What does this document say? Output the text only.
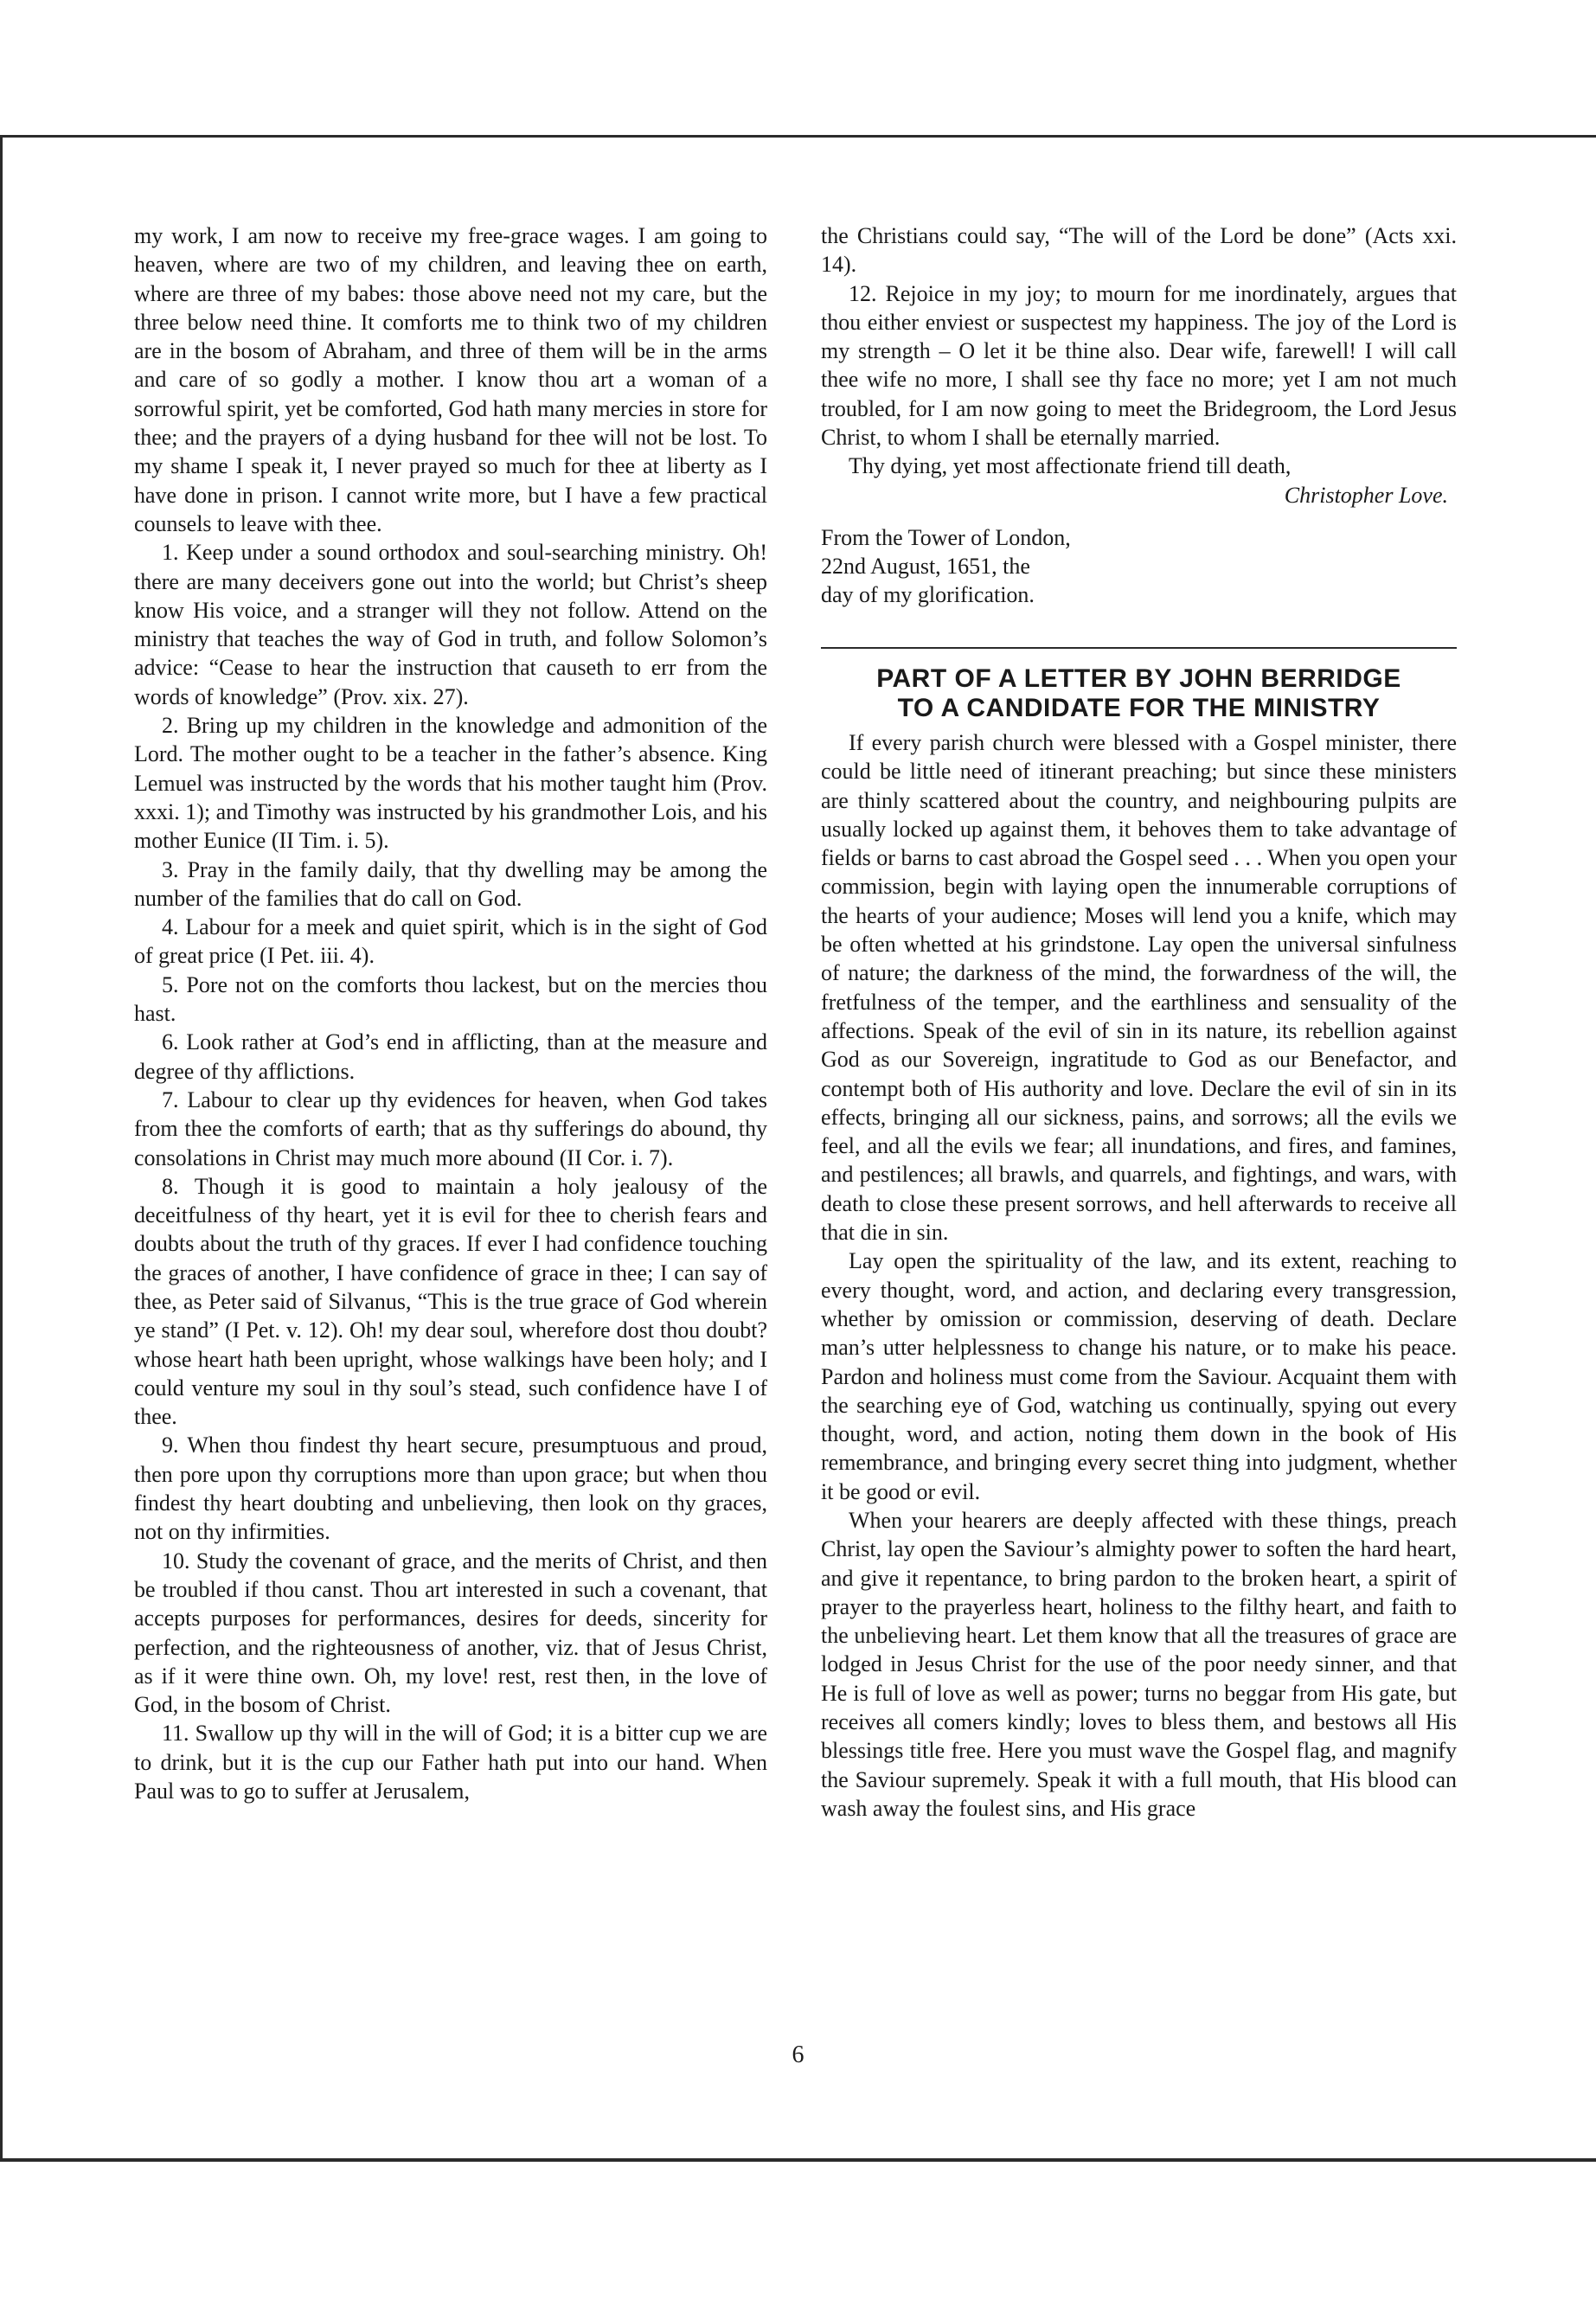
my work, I am now to receive my free-grace wages. I am going to heaven, where are two of my children, and leaving thee on earth, where are three of my babes: those above need not my care, but the three below need thine. It comforts me to think two of my children are in the bosom of Abraham, and three of them will be in the arms and care of so godly a mother. I know thou art a woman of a sorrowful spirit, yet be comforted, God hath many mercies in store for thee; and the prayers of a dying husband for thee will not be lost. To my shame I speak it, I never prayed so much for thee at liberty as I have done in prison. I cannot write more, but I have a few practical counsels to leave with thee.

1. Keep under a sound orthodox and soul-searching ministry. Oh! there are many deceivers gone out into the world; but Christ’s sheep know His voice, and a stranger will they not follow. Attend on the ministry that teaches the way of God in truth, and follow Solomon’s advice: “Cease to hear the instruction that causeth to err from the words of knowledge” (Prov. xix. 27).

2. Bring up my children in the knowledge and admonition of the Lord. The mother ought to be a teacher in the father’s absence. King Lemuel was instructed by the words that his mother taught him (Prov. xxxi. 1); and Timothy was instructed by his grandmother Lois, and his mother Eunice (II Tim. i. 5).

3. Pray in the family daily, that thy dwelling may be among the number of the families that do call on God.

4. Labour for a meek and quiet spirit, which is in the sight of God of great price (I Pet. iii. 4).

5. Pore not on the comforts thou lackest, but on the mercies thou hast.

6. Look rather at God’s end in afflicting, than at the measure and degree of thy afflictions.

7. Labour to clear up thy evidences for heaven, when God takes from thee the comforts of earth; that as thy sufferings do abound, thy consolations in Christ may much more abound (II Cor. i. 7).

8. Though it is good to maintain a holy jealousy of the deceitfulness of thy heart, yet it is evil for thee to cherish fears and doubts about the truth of thy graces. If ever I had confidence touching the graces of another, I have confidence of grace in thee; I can say of thee, as Peter said of Silvanus, “This is the true grace of God wherein ye stand” (I Pet. v. 12). Oh! my dear soul, wherefore dost thou doubt? whose heart hath been upright, whose walkings have been holy; and I could venture my soul in thy soul’s stead, such confidence have I of thee.

9. When thou findest thy heart secure, presumptuous and proud, then pore upon thy corruptions more than upon grace; but when thou findest thy heart doubting and unbelieving, then look on thy graces, not on thy infirmities.

10. Study the covenant of grace, and the merits of Christ, and then be troubled if thou canst. Thou art interested in such a covenant, that accepts purposes for performances, desires for deeds, sincerity for perfection, and the righteousness of another, viz. that of Jesus Christ, as if it were thine own. Oh, my love! rest, rest then, in the love of God, in the bosom of Christ.

11. Swallow up thy will in the will of God; it is a bitter cup we are to drink, but it is the cup our Father hath put into our hand. When Paul was to go to suffer at Jerusalem,

the Christians could say, “The will of the Lord be done” (Acts xxi. 14).

12. Rejoice in my joy; to mourn for me inordinately, argues that thou either enviest or suspectest my happiness. The joy of the Lord is my strength – O let it be thine also. Dear wife, farewell! I will call thee wife no more, I shall see thy face no more; yet I am not much troubled, for I am now going to meet the Bridegroom, the Lord Jesus Christ, to whom I shall be eternally married.

Thy dying, yet most affectionate friend till death,

Christopher Love.

From the Tower of London,
22nd August, 1651, the
day of my glorification.
PART OF A LETTER BY JOHN BERRIDGE
TO A CANDIDATE FOR THE MINISTRY

If every parish church were blessed with a Gospel minister, there could be little need of itinerant preaching; but since these ministers are thinly scattered about the country, and neighbouring pulpits are usually locked up against them, it behoves them to take advantage of fields or barns to cast abroad the Gospel seed . . . When you open your commission, begin with laying open the innumerable corruptions of the hearts of your audience; Moses will lend you a knife, which may be often whetted at his grindstone. Lay open the universal sinfulness of nature; the darkness of the mind, the forwardness of the will, the fretfulness of the temper, and the earthliness and sensuality of the affections. Speak of the evil of sin in its nature, its rebellion against God as our Sovereign, ingratitude to God as our Benefactor, and contempt both of His authority and love. Declare the evil of sin in its effects, bringing all our sickness, pains, and sorrows; all the evils we feel, and all the evils we fear; all inundations, and fires, and famines, and pestilences; all brawls, and quarrels, and fightings, and wars, with death to close these present sorrows, and hell afterwards to receive all that die in sin.

Lay open the spirituality of the law, and its extent, reaching to every thought, word, and action, and declaring every transgression, whether by omission or commission, deserving of death. Declare man’s utter helplessness to change his nature, or to make his peace. Pardon and holiness must come from the Saviour. Acquaint them with the searching eye of God, watching us continually, spying out every thought, word, and action, noting them down in the book of His remembrance, and bringing every secret thing into judgment, whether it be good or evil.

When your hearers are deeply affected with these things, preach Christ, lay open the Saviour’s almighty power to soften the hard heart, and give it repentance, to bring pardon to the broken heart, a spirit of prayer to the prayerless heart, holiness to the filthy heart, and faith to the unbelieving heart. Let them know that all the treasures of grace are lodged in Jesus Christ for the use of the poor needy sinner, and that He is full of love as well as power; turns no beggar from His gate, but receives all comers kindly; loves to bless them, and bestows all His blessings title free. Here you must wave the Gospel flag, and magnify the Saviour supremely. Speak it with a full mouth, that His blood can wash away the foulest sins, and His grace

6
